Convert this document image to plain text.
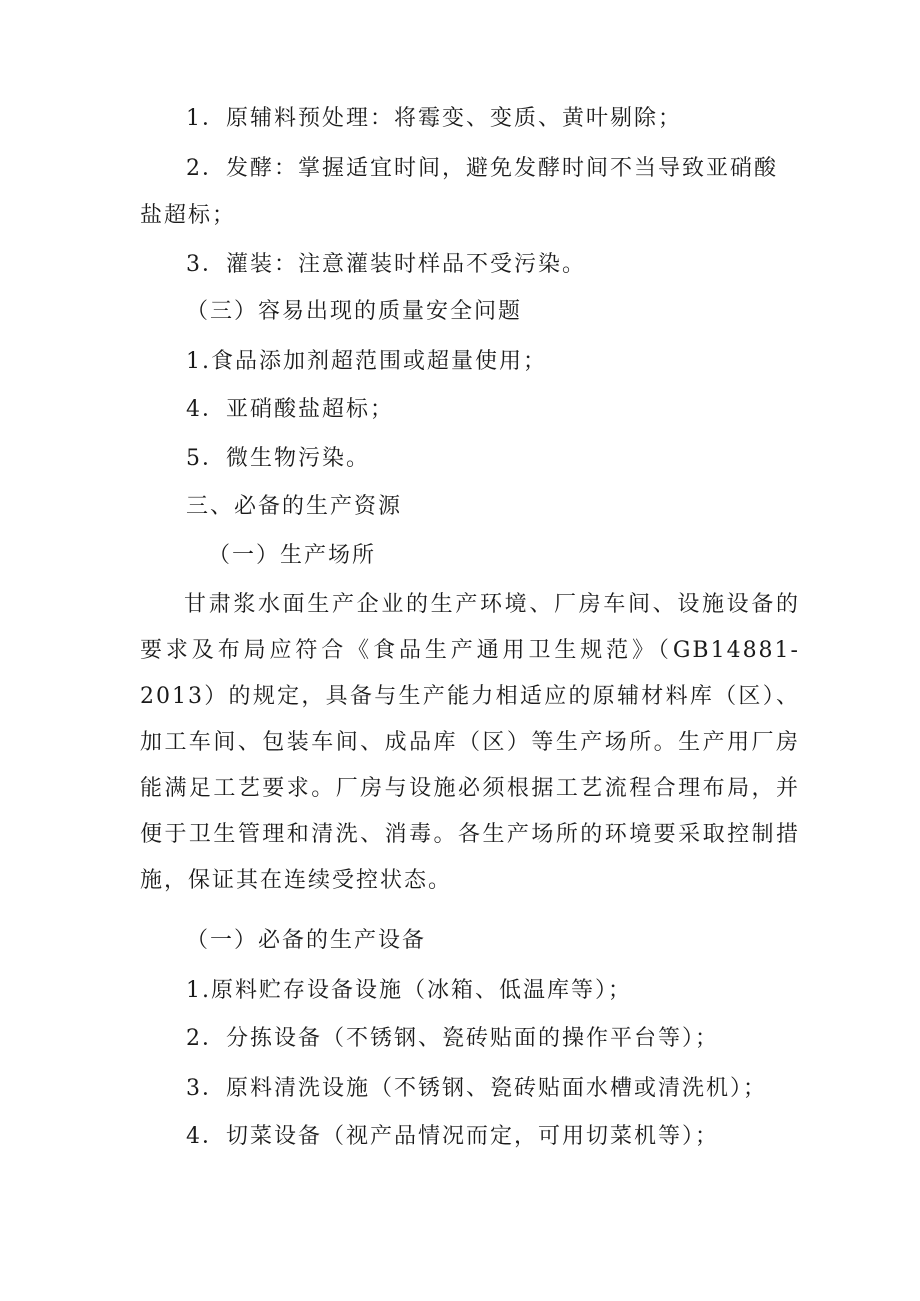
1．原辅料预处理：将霉变、变质、黄叶剔除；
2．发酵：掌握适宜时间，避免发酵时间不当导致亚硝酸
盐超标；
3．灌装：注意灌装时样品不受污染。
（三）容易出现的质量安全问题
1.食品添加剂超范围或超量使用；
4．亚硝酸盐超标；
5．微生物污染。
三、必备的生产资源
（一）生产场所
甘肃浆水面生产企业的生产环境、厂房车间、设施设备的要求及布局应符合《食品生产通用卫生规范》（GB14881-2013）的规定，具备与生产能力相适应的原辅材料库（区）、加工车间、包装车间、成品库（区）等生产场所。生产用厂房能满足工艺要求。厂房与设施必须根据工艺流程合理布局，并便于卫生管理和清洗、消毒。各生产场所的环境要采取控制措施，保证其在连续受控状态。
（一）必备的生产设备
1.原料贮存设备设施（冰箱、低温库等）；
2．分拣设备（不锈钢、瓷砖贴面的操作平台等）；
3．原料清洗设施（不锈钢、瓷砖贴面水槽或清洗机）；
4．切菜设备（视产品情况而定，可用切菜机等）；
